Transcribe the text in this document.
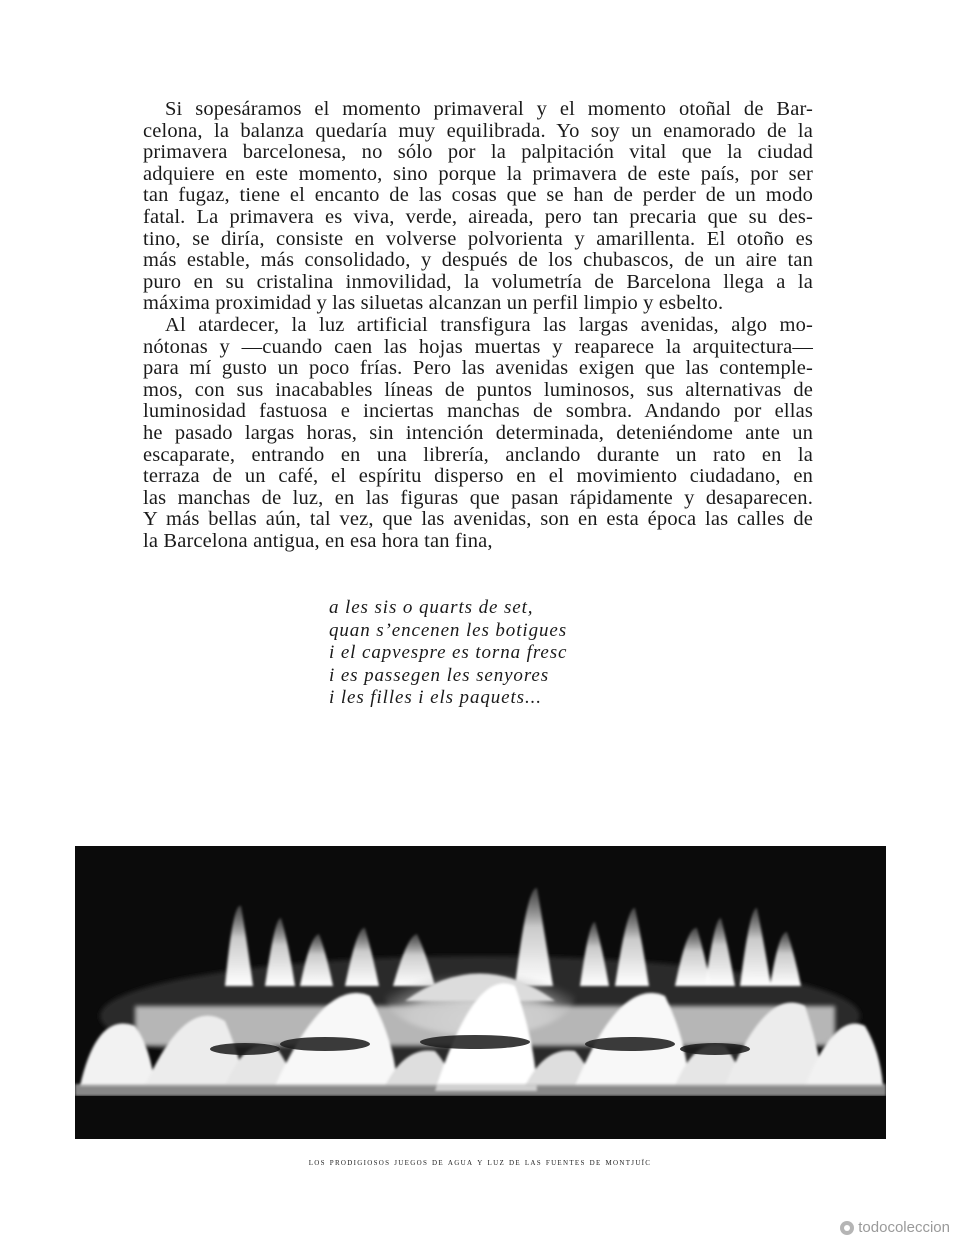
Si sopesáramos el momento primaveral y el momento otoñal de Bar-
celona, la balanza quedaría muy equilibrada. Yo soy un enamorado de la
primavera barcelonesa, no sólo por la palpitación vital que la ciudad
adquiere en este momento, sino porque la primavera de este país, por ser
tan fugaz, tiene el encanto de las cosas que se han de perder de un modo
fatal. La primavera es viva, verde, aireada, pero tan precaria que su des-
tino, se diría, consiste en volverse polvorienta y amarillenta. El otoño es
más estable, más consolidado, y después de los chubascos, de un aire tan
puro en su cristalina inmovilidad, la volumetría de Barcelona llega a la
máxima proximidad y las siluetas alcanzan un perfil limpio y esbelto.
Al atardecer, la luz artificial transfigura las largas avenidas, algo mo-
nótonas y —cuando caen las hojas muertas y reaparece la arquitectura—
para mí gusto un poco frías. Pero las avenidas exigen que las contemple-
mos, con sus inacabables líneas de puntos luminosos, sus alternativas de
luminosidad fastuosa e inciertas manchas de sombra. Andando por ellas
he pasado largas horas, sin intención determinada, deteniéndome ante un
escaparate, entrando en una librería, anclando durante un rato en la
terraza de un café, el espíritu disperso en el movimiento ciudadano, en
las manchas de luz, en las figuras que pasan rápidamente y desaparecen.
Y más bellas aún, tal vez, que las avenidas, son en esta época las calles de
la Barcelona antigua, en esa hora tan fina,
a les sis o quarts de set,
quan s’encenen les botigues
i el capvespre es torna fresc
i es passegen les senyores
i les filles i els paquets...
los prodigiosos juegos de agua y luz de las fuentes de montjuïc
todocoleccion
